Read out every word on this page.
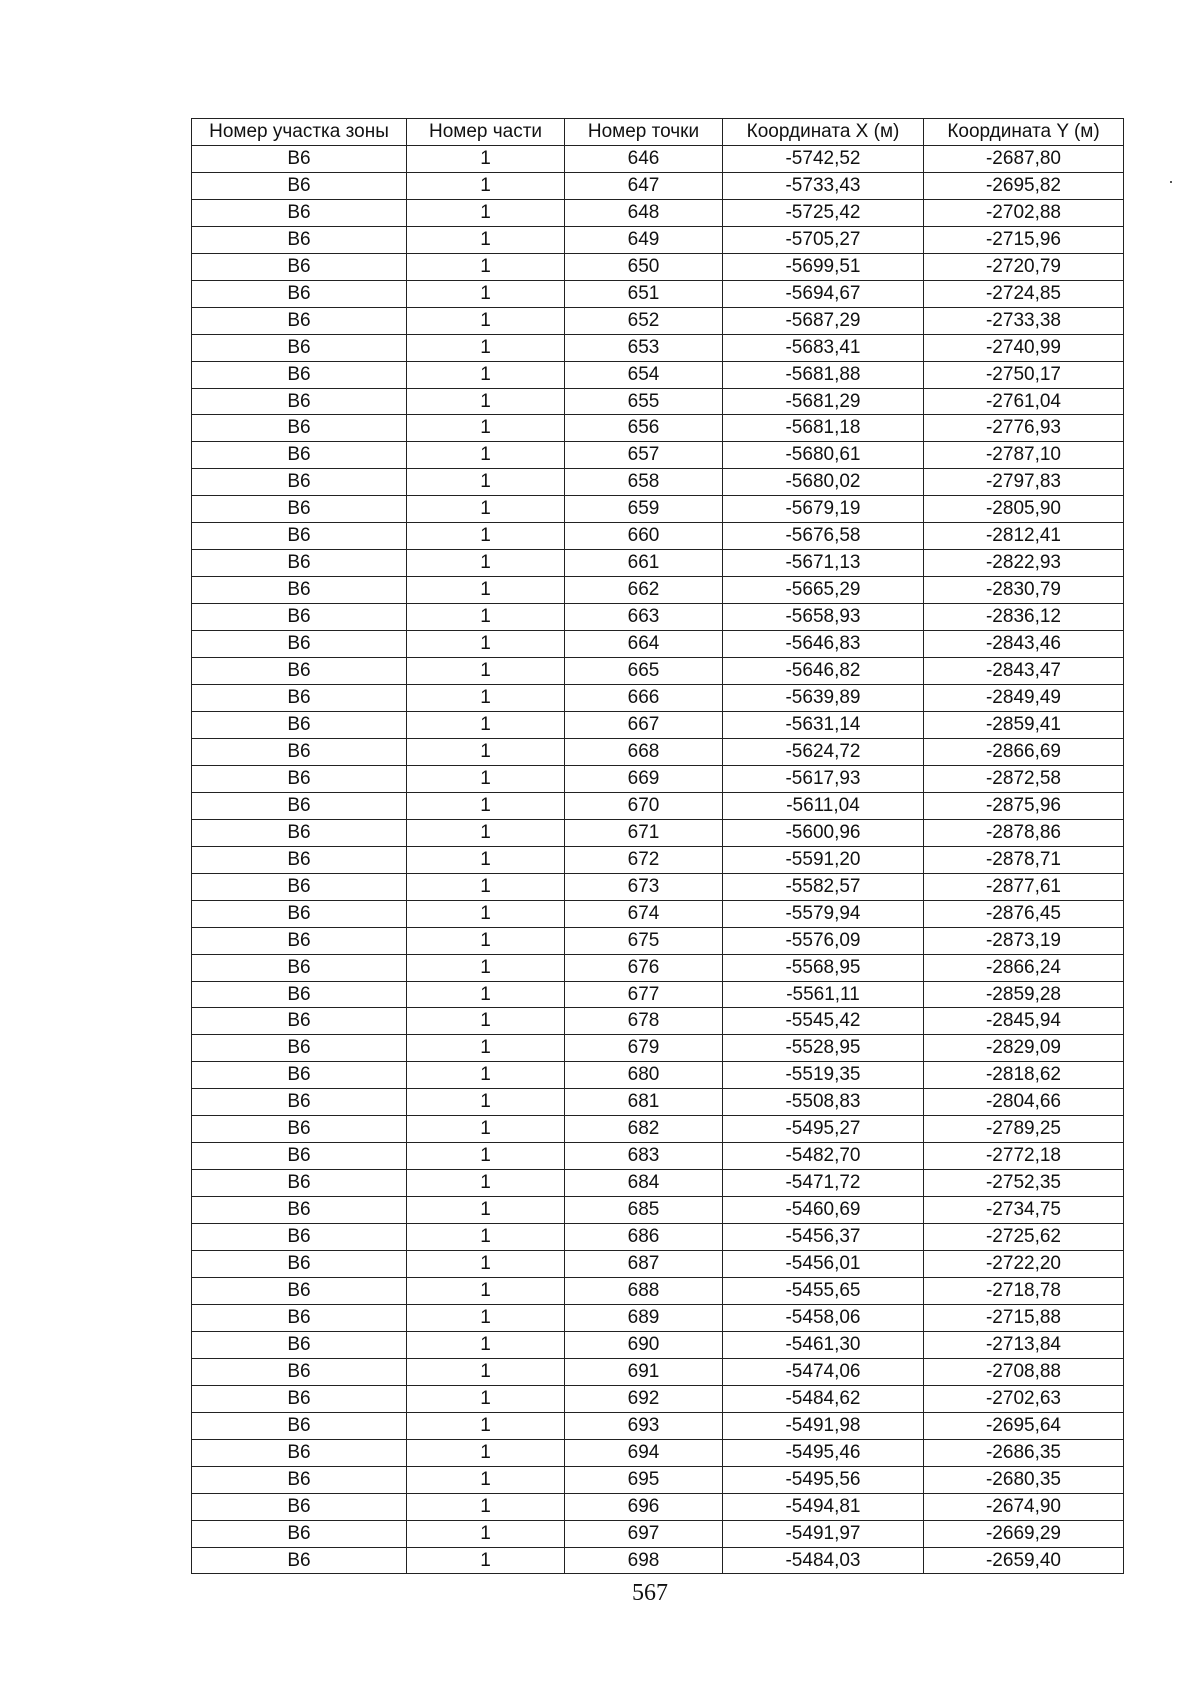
Номер участка зоны	Номер части	Номер точки	Координата X (м)	Координата Y (м)
В6	1	646	-5742,52	-2687,80
В6	1	647	-5733,43	-2695,82
В6	1	648	-5725,42	-2702,88
В6	1	649	-5705,27	-2715,96
В6	1	650	-5699,51	-2720,79
В6	1	651	-5694,67	-2724,85
В6	1	652	-5687,29	-2733,38
В6	1	653	-5683,41	-2740,99
В6	1	654	-5681,88	-2750,17
В6	1	655	-5681,29	-2761,04
В6	1	656	-5681,18	-2776,93
В6	1	657	-5680,61	-2787,10
В6	1	658	-5680,02	-2797,83
В6	1	659	-5679,19	-2805,90
В6	1	660	-5676,58	-2812,41
В6	1	661	-5671,13	-2822,93
В6	1	662	-5665,29	-2830,79
В6	1	663	-5658,93	-2836,12
В6	1	664	-5646,83	-2843,46
В6	1	665	-5646,82	-2843,47
В6	1	666	-5639,89	-2849,49
В6	1	667	-5631,14	-2859,41
В6	1	668	-5624,72	-2866,69
В6	1	669	-5617,93	-2872,58
В6	1	670	-5611,04	-2875,96
В6	1	671	-5600,96	-2878,86
В6	1	672	-5591,20	-2878,71
В6	1	673	-5582,57	-2877,61
В6	1	674	-5579,94	-2876,45
В6	1	675	-5576,09	-2873,19
В6	1	676	-5568,95	-2866,24
В6	1	677	-5561,11	-2859,28
В6	1	678	-5545,42	-2845,94
В6	1	679	-5528,95	-2829,09
В6	1	680	-5519,35	-2818,62
В6	1	681	-5508,83	-2804,66
В6	1	682	-5495,27	-2789,25
В6	1	683	-5482,70	-2772,18
В6	1	684	-5471,72	-2752,35
В6	1	685	-5460,69	-2734,75
В6	1	686	-5456,37	-2725,62
В6	1	687	-5456,01	-2722,20
В6	1	688	-5455,65	-2718,78
В6	1	689	-5458,06	-2715,88
В6	1	690	-5461,30	-2713,84
В6	1	691	-5474,06	-2708,88
В6	1	692	-5484,62	-2702,63
В6	1	693	-5491,98	-2695,64
В6	1	694	-5495,46	-2686,35
В6	1	695	-5495,56	-2680,35
В6	1	696	-5494,81	-2674,90
В6	1	697	-5491,97	-2669,29
В6	1	698	-5484,03	-2659,40
567
